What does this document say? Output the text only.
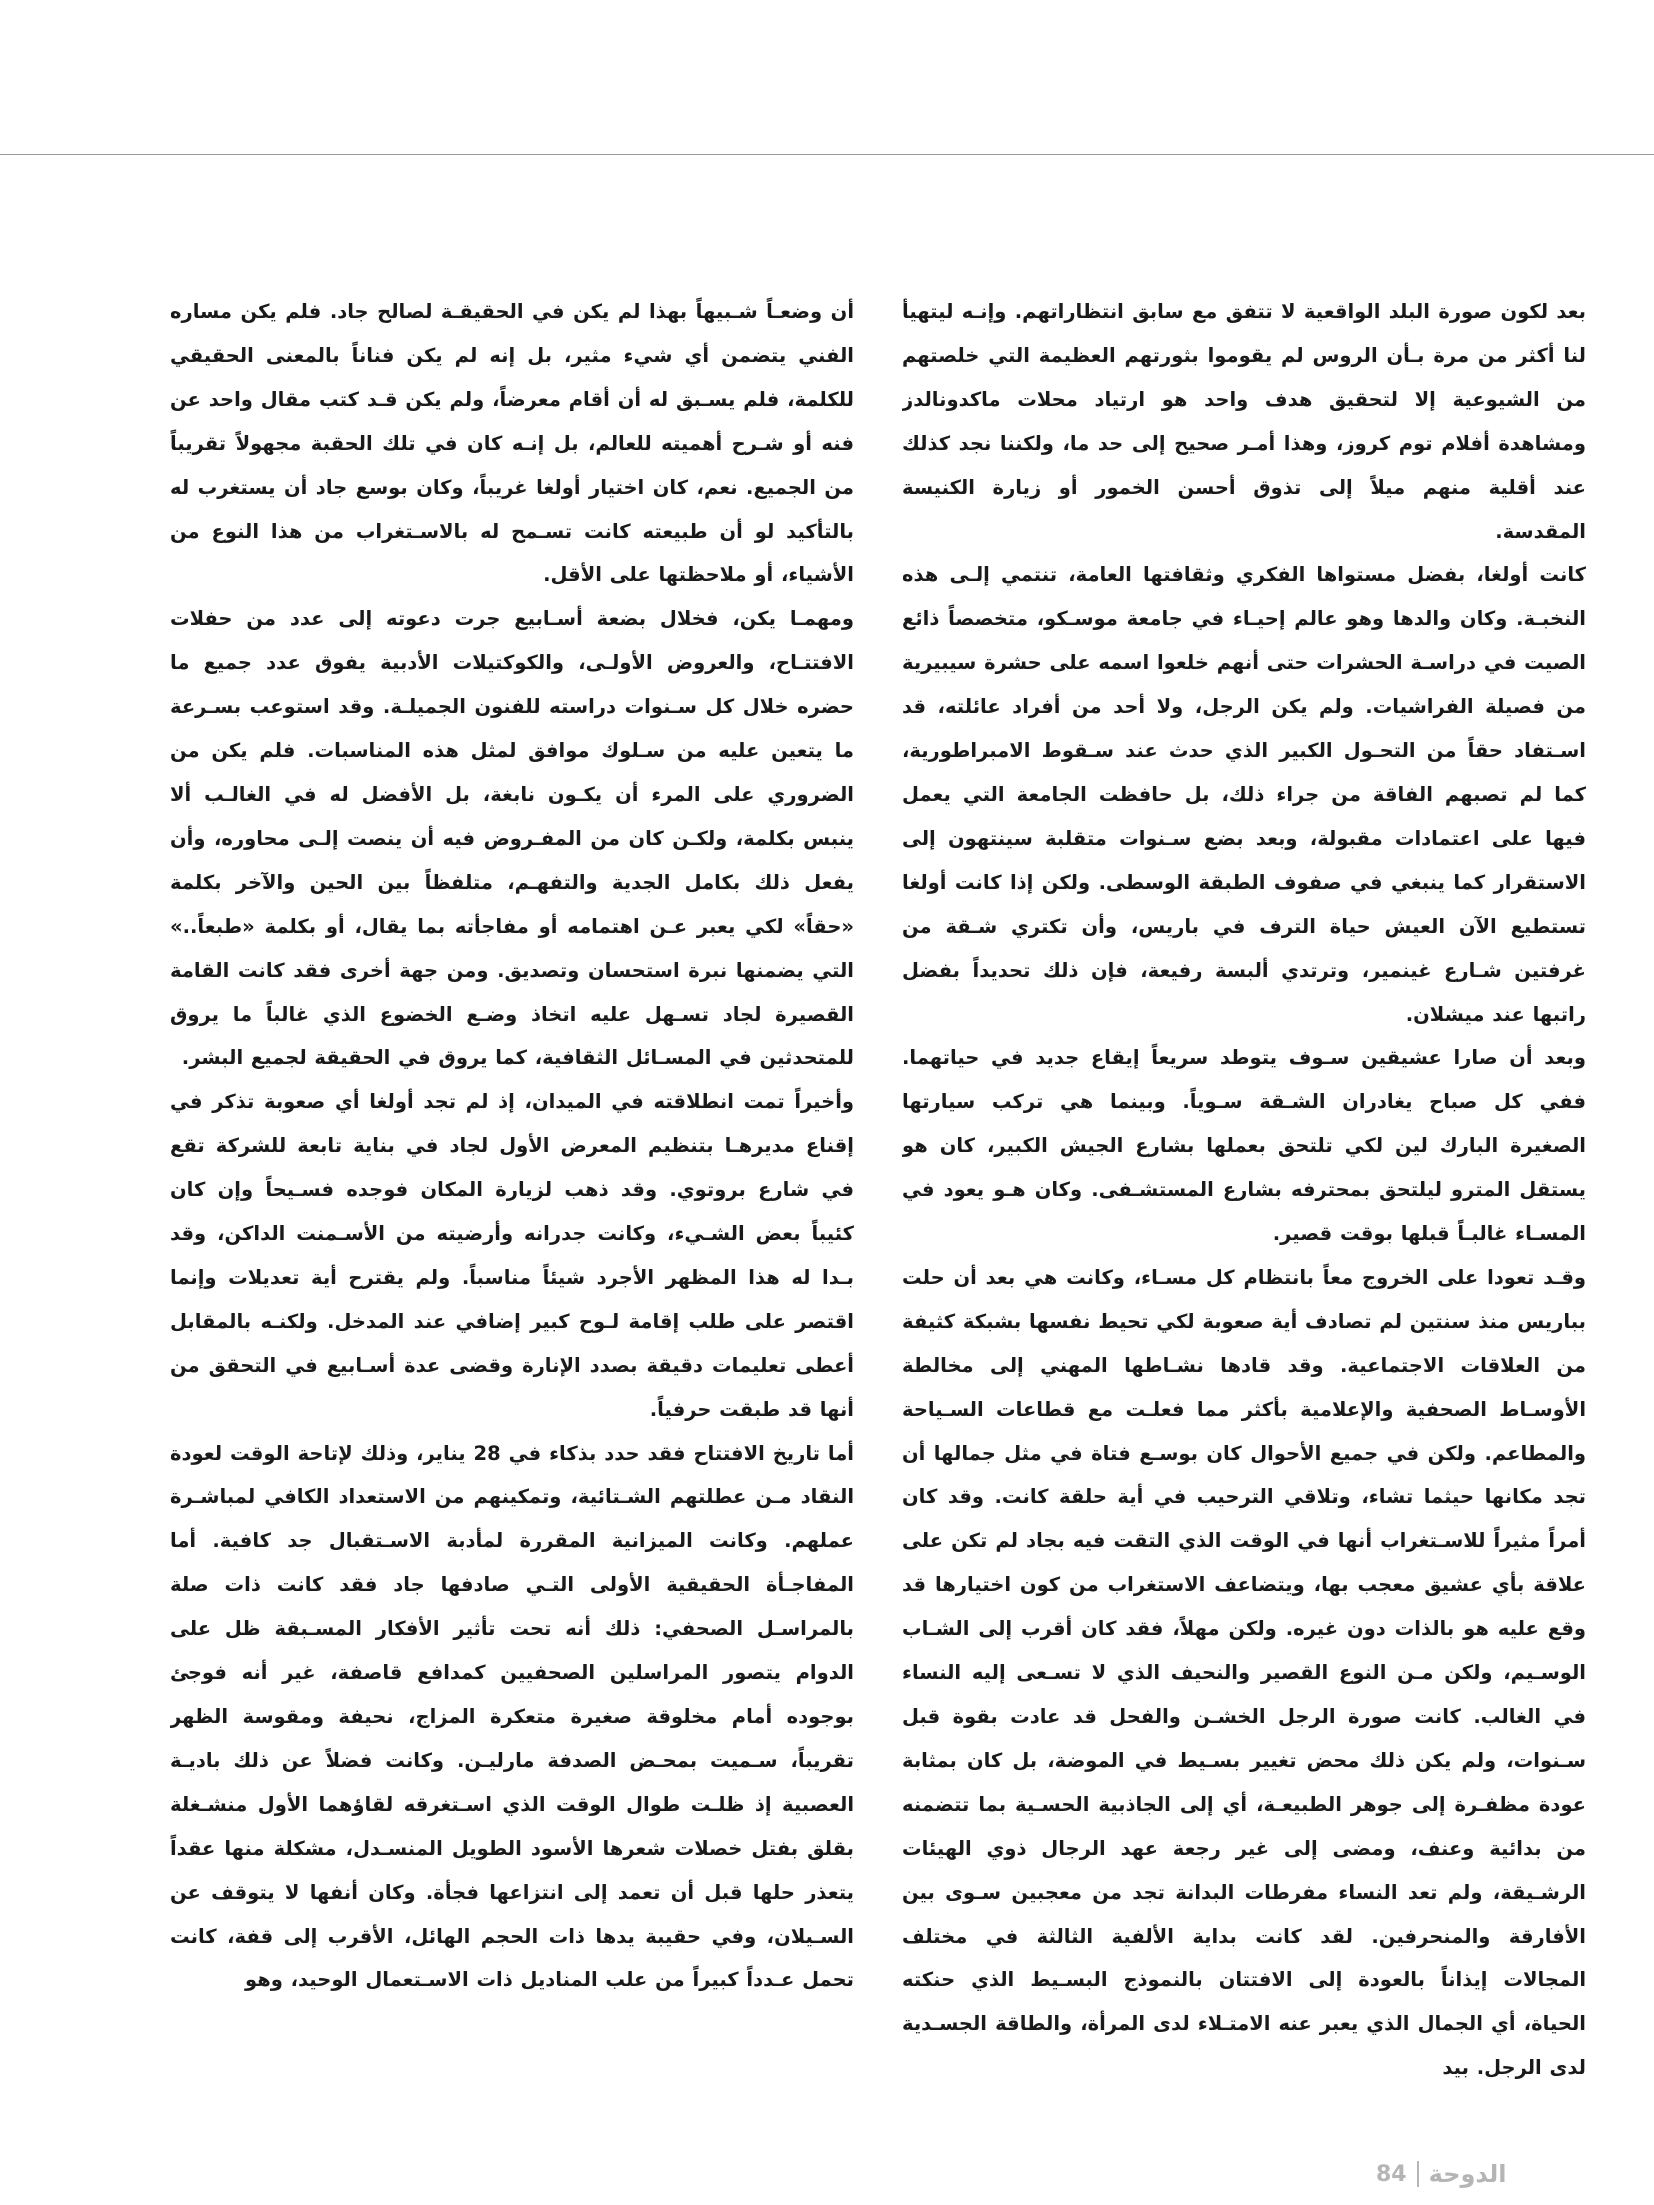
بعد لكون صورة البلد الواقعية لا تتفق مع سابق انتظاراتهم. وإنـه ليتهيأ لنا أكثر من مرة بـأن الروس لم يقوموا بثورتهم العظيمة التي خلصتهم من الشيوعية إلا لتحقيق هدف واحد هو ارتياد محلات ماكدونالدز ومشاهدة أفلام توم كروز، وهذا أمـر صحيح إلى حد ما، ولكننا نجد كذلك عند أقلية منهم ميلاً إلى تذوق أحسن الخمور أو زيارة الكنيسة المقدسة.

كانت أولغا، بفضل مستواها الفكري وثقافتها العامة، تنتمي إلـى هذه النخبـة. وكان والدها وهو عالم إحيـاء في جامعة موسـكو، متخصصاً ذائع الصيت في دراسـة الحشرات حتى أنهم خلعوا اسمه على حشرة سيبيرية من فصيلة الفراشيات. ولم يكن الرجل، ولا أحد من أفراد عائلته، قد اسـتفاد حقاً من التحـول الكبير الذي حدث عند سـقوط الامبراطورية، كما لم تصبهم الفاقة من جراء ذلك، بل حافظت الجامعة التي يعمل فيها على اعتمادات مقبولة، وبعد بضع سـنوات متقلبة سينتهون إلى الاستقرار كما ينبغي في صفوف الطبقة الوسطى. ولكن إذا كانت أولغا تستطيع الآن العيش حياة الترف في باريس، وأن تكتري شـقة من غرفتين شـارع غينمير، وترتدي ألبسة رفيعة، فإن ذلك تحديداً بفضل راتبها عند ميشلان.

وبعد أن صارا عشيقين سـوف يتوطد سريعاً إيقاع جديد في حياتهما. ففي كل صباح يغادران الشـقة سـوياً. وبينما هي تركب سيارتها الصغيرة البارك لين لكي تلتحق بعملها بشارع الجيش الكبير، كان هو يستقل المترو ليلتحق بمحترفه بشارع المستشـفى. وكان هـو يعود في المسـاء غالبـاً قبلها بوقت قصير.

وقـد تعودا على الخروج معاً بانتظام كل مسـاء، وكانت هي بعد أن حلت بباريس منذ سنتين لم تصادف أية صعوبة لكي تحيط نفسها بشبكة كثيفة من العلاقات الاجتماعية. وقد قادها نشـاطها المهني إلى مخالطة الأوسـاط الصحفية والإعلامية بأكثر مما فعلـت مع قطاعات السـياحة والمطاعم. ولكن في جميع الأحوال كان بوسـع فتاة في مثل جمالها أن تجد مكانها حيثما تشاء، وتلاقي الترحيب في أية حلقة كانت. وقد كان أمراً مثيراً للاسـتغراب أنها في الوقت الذي التقت فيه بجاد لم تكن على علاقة بأي عشيق معجب بها، ويتضاعف الاستغراب من كون اختيارها قد وقع عليه هو بالذات دون غيره. ولكن مهلاً، فقد كان أقرب إلى الشـاب الوسـيم، ولكن مـن النوع القصير والنحيف الذي لا تسـعى إليه النساء في الغالب. كانت صورة الرجل الخشـن والفحل قد عادت بقوة قبل سـنوات، ولم يكن ذلك محض تغيير بسـيط في الموضة، بل كان بمثابة عودة مظفـرة إلى جوهر الطبيعـة، أي إلى الجاذبية الحسـية بما تتضمنه من بدائية وعنف، ومضى إلى غير رجعة عهد الرجال ذوي الهيئات الرشـيقة، ولم تعد النساء مفرطات البدانة تجد من معجبين سـوى بين الأفارقة والمنحرفين. لقد كانت بداية الألفية الثالثة في مختلف المجالات إيذاناً بالعودة إلى الافتتان بالنموذج البسـيط الذي حنكته الحياة، أي الجمال الذي يعبر عنه الامتـلاء لدى المرأة، والطاقة الجسـدية لدى الرجل. بيد

أن وضعـاً شـبيهاً بهذا لم يكن في الحقيقـة لصالح جاد. فلم يكن مساره الفني يتضمن أي شيء مثير، بل إنه لم يكن فناناً بالمعنى الحقيقي للكلمة، فلم يسـبق له أن أقام معرضاً، ولم يكن قـد كتب مقال واحد عن فنه أو شـرح أهميته للعالم، بل إنـه كان في تلك الحقبة مجهولاً تقريباً من الجميع. نعم، كان اختيار أولغا غريباً، وكان بوسع جاد أن يستغرب له بالتأكيد لو أن طبيعته كانت تسـمح له بالاسـتغراب من هذا النوع من الأشياء، أو ملاحظتها على الأقل.

ومهمـا يكن، فخلال بضعة أسـابيع جرت دعوته إلى عدد من حفلات الافتتـاح، والعروض الأولـى، والكوكتيلات الأدبية يفوق عدد جميع ما حضره خلال كل سـنوات دراسته للفنون الجميلـة. وقد استوعب بسـرعة ما يتعين عليه من سـلوك موافق لمثل هذه المناسبات. فلم يكن من الضروري على المرء أن يكـون نابغة، بل الأفضل له في الغالـب ألا ينبس بكلمة، ولكـن كان من المفـروض فيه أن ينصت إلـى محاوره، وأن يفعل ذلك بكامل الجدية والتفهـم، متلفظاً بين الحين والآخر بكلمة «حقاً» لكي يعبر عـن اهتمامه أو مفاجأته بما يقال، أو بكلمة «طبعاً..» التي يضمنها نبرة استحسان وتصديق. ومن جهة أخرى فقد كانت القامة القصيرة لجاد تسـهل عليه اتخاذ وضـع الخضوع الذي غالباً ما يروق للمتحدثين في المسـائل الثقافية، كما يروق في الحقيقة لجميع البشر.

وأخيراً تمت انطلاقته في الميدان، إذ لم تجد أولغا أي صعوبة تذكر في إقناع مديرهـا بتنظيم المعرض الأول لجاد في بناية تابعة للشركة تقع في شارع بروتوي. وقد ذهب لزيارة المكان فوجده فسـيحاً وإن كان كئيباً بعض الشـيء، وكانت جدرانه وأرضيته من الأسـمنت الداكن، وقد بـدا له هذا المظهر الأجرد شيئاً مناسباً. ولم يقترح أية تعديلات وإنما اقتصر على طلب إقامة لـوح كبير إضافي عند المدخل. ولكنـه بالمقابل أعطى تعليمات دقيقة بصدد الإنارة وقضى عدة أسـابيع في التحقق من أنها قد طبقت حرفياً.

أما تاريخ الافتتاح فقد حدد بذكاء في 28 يناير، وذلك لإتاحة الوقت لعودة النقاد مـن عطلتهم الشـتائية، وتمكينهم من الاستعداد الكافي لمباشـرة عملهم. وكانت الميزانية المقررة لمأدبة الاسـتقبال جد كافية. أما المفاجـأة الحقيقية الأولى التـي صادفها جاد فقد كانت ذات صلة بالمراسـل الصحفي: ذلك أنه تحت تأثير الأفكار المسـبقة ظل على الدوام يتصور المراسلين الصحفيين كمدافع قاصفة، غير أنه فوجئ بوجوده أمام مخلوقة صغيرة متعكرة المزاج، نحيفة ومقوسة الظهر تقريباً، سـميت بمحـض الصدفة مارليـن. وكانت فضلاً عن ذلك باديـة العصبية إذ ظلـت طوال الوقت الذي اسـتغرقه لقاؤهما الأول منشـغلة بقلق بفتل خصلات شعرها الأسود الطويل المنسـدل، مشكلة منها عقداً يتعذر حلها قبل أن تعمد إلى انتزاعها فجأة. وكان أنفها لا يتوقف عن السـيلان، وفي حقيبة يدها ذات الحجم الهائل، الأقرب إلى قفة، كانت تحمل عـدداً كبيراً من علب المناديل ذات الاسـتعمال الوحيد، وهو

84 الدوحة
